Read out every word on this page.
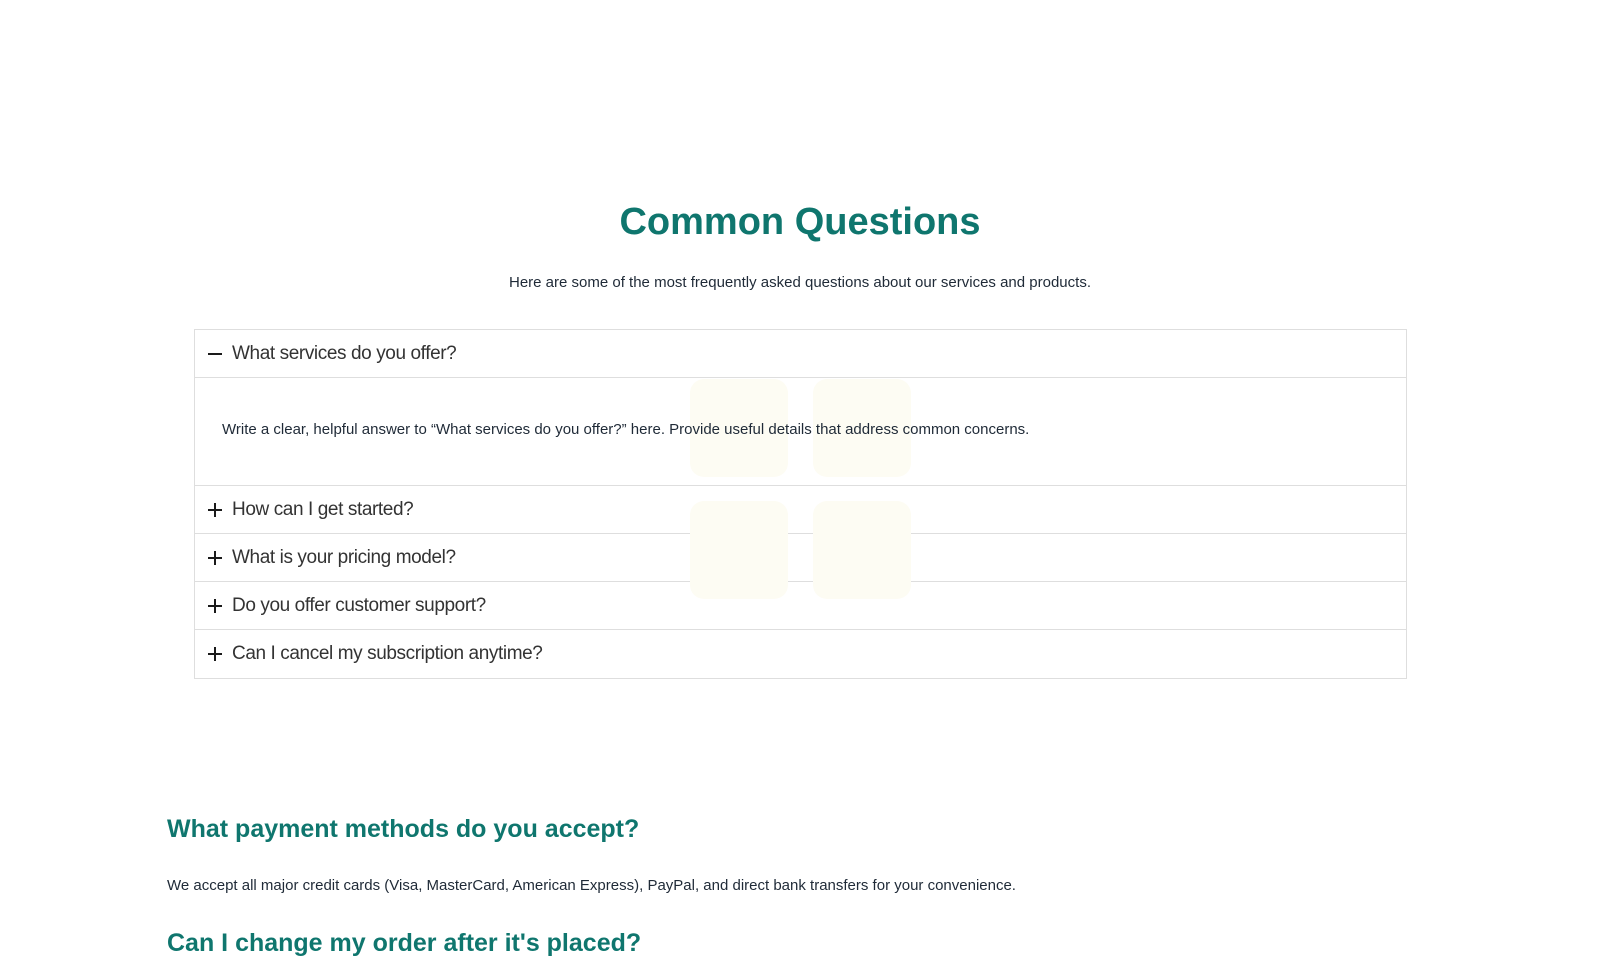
Common Questions

Here are some of the most frequently asked questions about our services and products.

What services do you offer?
Write a clear, helpful answer to “What services do you offer?” here. Provide useful details that address common concerns.
How can I get started?
What is your pricing model?
Do you offer customer support?
Can I cancel my subscription anytime?
What payment methods do you accept?

We accept all major credit cards (Visa, MasterCard, American Express), PayPal, and direct bank transfers for your convenience.

Can I change my order after it's placed?
